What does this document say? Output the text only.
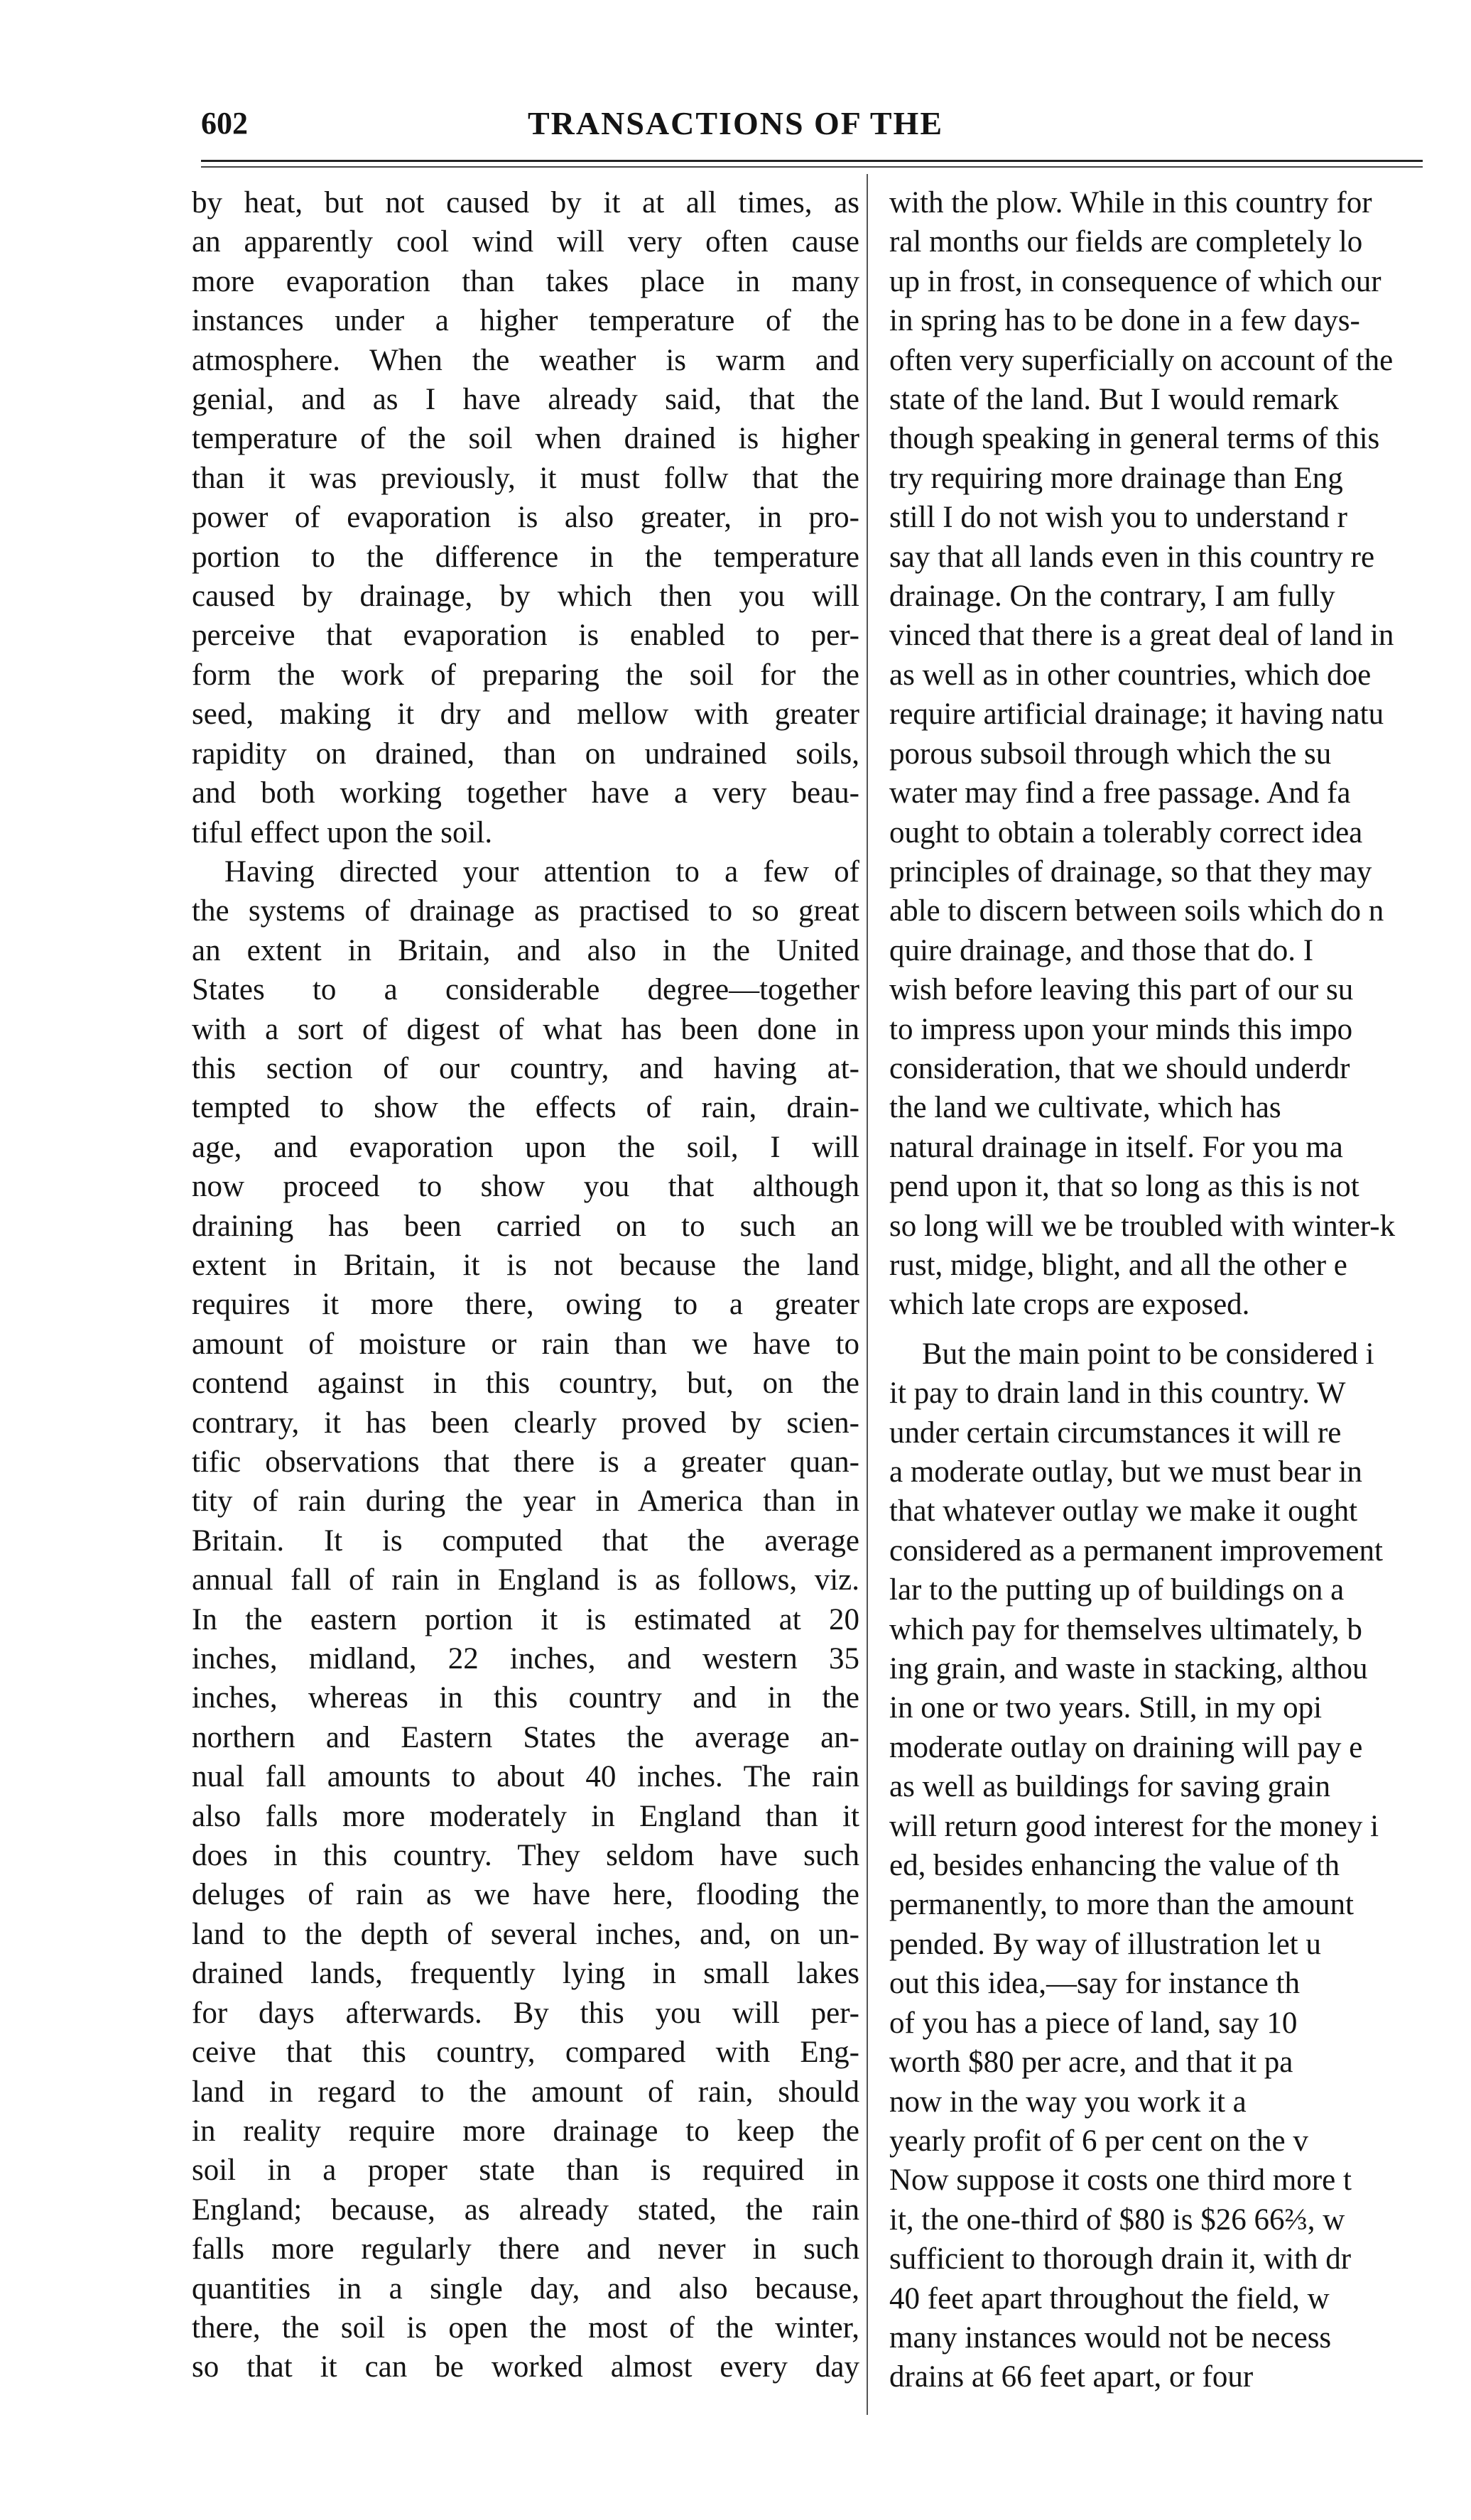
602	TRANSACTIONS OF THE
by heat, but not caused by it at all times, as
an apparently cool wind will very often cause
more evaporation than takes place in many
instances under a higher temperature of the
atmosphere. When the weather is warm and
genial, and as I have already said, that the
temperature of the soil when drained is higher
than it was previously, it must follw that the
power of evaporation is also greater, in pro-
portion to the difference in the temperature
caused by drainage, by which then you will
perceive that evaporation is enabled to per-
form the work of preparing the soil for the
seed, making it dry and mellow with greater
rapidity on drained, than on undrained soils,
and both working together have a very beau-
tiful effect upon the soil.
Having directed your attention to a few of
the systems of drainage as practised to so great
an extent in Britain, and also in the United
States to a considerable degree—together
with a sort of digest of what has been done in
this section of our country, and having at-
tempted to show the effects of rain, drain-
age, and evaporation upon the soil, I will
now proceed to show you that although
draining has been carried on to such an
extent in Britain, it is not because the land
requires it more there, owing to a greater
amount of moisture or rain than we have to
contend against in this country, but, on the
contrary, it has been clearly proved by scien-
tific observations that there is a greater quan-
tity of rain during the year in America than in
Britain. It is computed that the average
annual fall of rain in England is as follows, viz.
In the eastern portion it is estimated at 20
inches, midland, 22 inches, and western 35
inches, whereas in this country and in the
northern and Eastern States the average an-
nual fall amounts to about 40 inches. The rain
also falls more moderately in England than it
does in this country. They seldom have such
deluges of rain as we have here, flooding the
land to the depth of several inches, and, on un-
drained lands, frequently lying in small lakes
for days afterwards. By this you will per-
ceive that this country, compared with Eng-
land in regard to the amount of rain, should
in reality require more drainage to keep the
soil in a proper state than is required in
England; because, as already stated, the rain
falls more regularly there and never in such
quantities in a single day, and also because,
there, the soil is open the most of the winter,
so that it can be worked almost every day
with the plow. While in this country for
ral months our fields are completely lo
up in frost, in consequence of which our
in spring has to be done in a few days-
often very superficially on account of the
state of the land. But I would remark
though speaking in general terms of this
try requiring more drainage than Eng
still I do not wish you to understand r
say that all lands even in this country re
drainage. On the contrary, I am fully
vinced that there is a great deal of land in
as well as in other countries, which doe
require artificial drainage; it having natu
porous subsoil through which the su
water may find a free passage. And fa
ought to obtain a tolerably correct idea
principles of drainage, so that they may
able to discern between soils which do n
quire drainage, and those that do. I
wish before leaving this part of our su
to impress upon your minds this impo
consideration, that we should underdr
the land we cultivate, which has
natural drainage in itself. For you ma
pend upon it, that so long as this is not
so long will we be troubled with winter-k
rust, midge, blight, and all the other e
which late crops are exposed.
But the main point to be considered i
it pay to drain land in this country. W
under certain circumstances it will re
a moderate outlay, but we must bear in
that whatever outlay we make it ought
considered as a permanent improvement
lar to the putting up of buildings on a
which pay for themselves ultimately, b
ing grain, and waste in stacking, althou
in one or two years. Still, in my opi
moderate outlay on draining will pay e
as well as buildings for saving grain
will return good interest for the money i
ed, besides enhancing the value of th
permanently, to more than the amount
pended. By way of illustration let u
out this idea,—say for instance th
of you has a piece of land, say 10
worth $80 per acre, and that it pa
now in the way you work it a
yearly profit of 6 per cent on the v
Now suppose it costs one third more t
it, the one-third of $80 is $26 66⅔, w
sufficient to thorough drain it, with dr
40 feet apart throughout the field, w
many instances would not be necess
drains at 66 feet apart, or four
